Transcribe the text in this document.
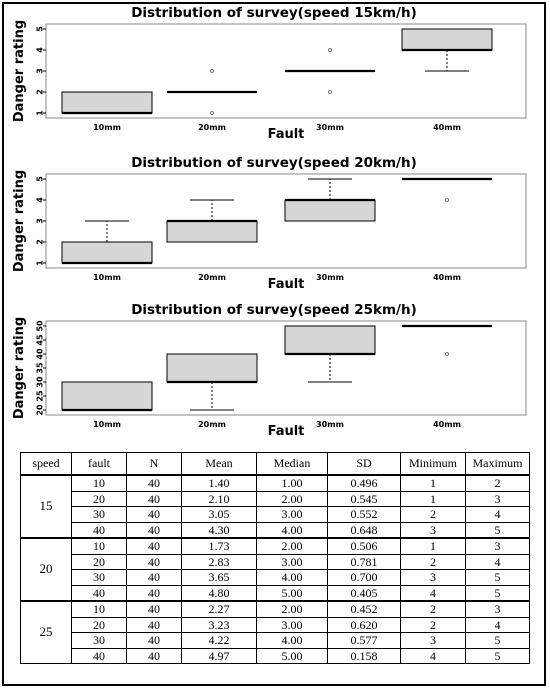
Distribution of survey(speed 15km/h)
1
2
3
4
5
Danger rating
10mm	20mm	30mm	40mm
Fault
Distribution of survey(speed 20km/h)
1
2
3
4
5
Danger rating
10mm	20mm	30mm	40mm
Fault
Distribution of survey(speed 25km/h)
20
25
30
35
40
45
50
Danger rating
10mm	20mm	30mm	40mm
Fault
speed	fault	N	Mean	Median	SD	Minimum	Maximum
15	10	40	1.40	1.00	0.496	1	2
	20	40	2.10	2.00	0.545	1	3
	30	40	3.05	3.00	0.552	2	4
	40	40	4.30	4.00	0.648	3	5
20	10	40	1.73	2.00	0.506	1	3
	20	40	2.83	3.00	0.781	2	4
	30	40	3.65	4.00	0.700	3	5
	40	40	4.80	5.00	0.405	4	5
25	10	40	2.27	2.00	0.452	2	3
	20	40	3.23	3.00	0.620	2	4
	30	40	4.22	4.00	0.577	3	5
	40	40	4.97	5.00	0.158	4	5
